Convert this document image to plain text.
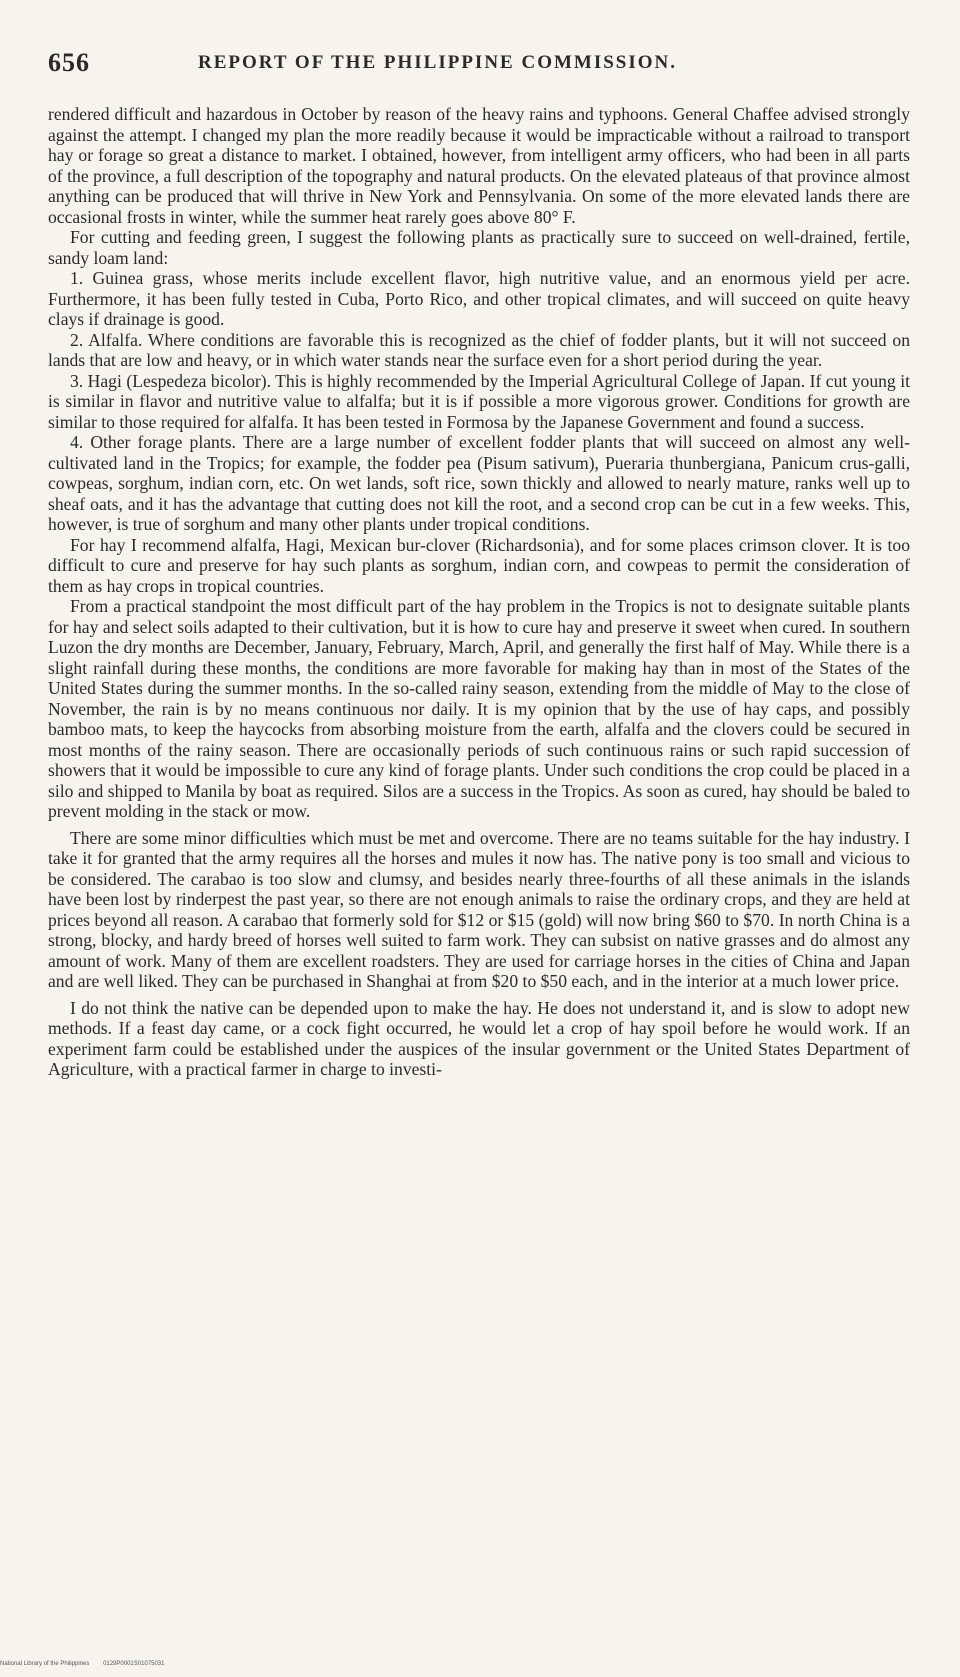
656	REPORT OF THE PHILIPPINE COMMISSION.

rendered difficult and hazardous in October by reason of the heavy rains and typhoons. General Chaffee advised strongly against the attempt. I changed my plan the more readily because it would be impracticable without a railroad to transport hay or forage so great a distance to market. I obtained, however, from intelligent army officers, who had been in all parts of the province, a full description of the topography and natural products. On the elevated plateaus of that province almost anything can be produced that will thrive in New York and Pennsylvania. On some of the more elevated lands there are occasional frosts in winter, while the summer heat rarely goes above 80° F.

For cutting and feeding green, I suggest the following plants as practically sure to succeed on well-drained, fertile, sandy loam land:

1. Guinea grass, whose merits include excellent flavor, high nutritive value, and an enormous yield per acre. Furthermore, it has been fully tested in Cuba, Porto Rico, and other tropical climates, and will succeed on quite heavy clays if drainage is good.

2. Alfalfa. Where conditions are favorable this is recognized as the chief of fodder plants, but it will not succeed on lands that are low and heavy, or in which water stands near the surface even for a short period during the year.

3. Hagi (Lespedeza bicolor). This is highly recommended by the Imperial Agricultural College of Japan. If cut young it is similar in flavor and nutritive value to alfalfa; but it is if possible a more vigorous grower. Conditions for growth are similar to those required for alfalfa. It has been tested in Formosa by the Japanese Government and found a success.

4. Other forage plants. There are a large number of excellent fodder plants that will succeed on almost any well-cultivated land in the Tropics; for example, the fodder pea (Pisum sativum), Pueraria thunbergiana, Panicum crus-galli, cowpeas, sorghum, indian corn, etc. On wet lands, soft rice, sown thickly and allowed to nearly mature, ranks well up to sheaf oats, and it has the advantage that cutting does not kill the root, and a second crop can be cut in a few weeks. This, however, is true of sorghum and many other plants under tropical conditions.

For hay I recommend alfalfa, Hagi, Mexican bur-clover (Richardsonia), and for some places crimson clover. It is too difficult to cure and preserve for hay such plants as sorghum, indian corn, and cowpeas to permit the consideration of them as hay crops in tropical countries.

From a practical standpoint the most difficult part of the hay problem in the Tropics is not to designate suitable plants for hay and select soils adapted to their cultivation, but it is how to cure hay and preserve it sweet when cured. In southern Luzon the dry months are December, January, February, March, April, and generally the first half of May. While there is a slight rainfall during these months, the conditions are more favorable for making hay than in most of the States of the United States during the summer months. In the so-called rainy season, extending from the middle of May to the close of November, the rain is by no means continuous nor daily. It is my opinion that by the use of hay caps, and possibly bamboo mats, to keep the haycocks from absorbing moisture from the earth, alfalfa and the clovers could be secured in most months of the rainy season. There are occasionally periods of such continuous rains or such rapid succession of showers that it would be impossible to cure any kind of forage plants. Under such conditions the crop could be placed in a silo and shipped to Manila by boat as required. Silos are a success in the Tropics. As soon as cured, hay should be baled to prevent molding in the stack or mow.

There are some minor difficulties which must be met and overcome. There are no teams suitable for the hay industry. I take it for granted that the army requires all the horses and mules it now has. The native pony is too small and vicious to be considered. The carabao is too slow and clumsy, and besides nearly three-fourths of all these animals in the islands have been lost by rinderpest the past year, so there are not enough animals to raise the ordinary crops, and they are held at prices beyond all reason. A carabao that formerly sold for $12 or $15 (gold) will now bring $60 to $70. In north China is a strong, blocky, and hardy breed of horses well suited to farm work. They can subsist on native grasses and do almost any amount of work. Many of them are excellent roadsters. They are used for carriage horses in the cities of China and Japan and are well liked. They can be purchased in Shanghai at from $20 to $50 each, and in the interior at a much lower price.

I do not think the native can be depended upon to make the hay. He does not understand it, and is slow to adopt new methods. If a feast day came, or a cock fight occurred, he would let a crop of hay spoil before he would work. If an experiment farm could be established under the auspices of the insular government or the United States Department of Agriculture, with a practical farmer in charge to investi-

National Library of the Philippines 0129P0001S01075031
